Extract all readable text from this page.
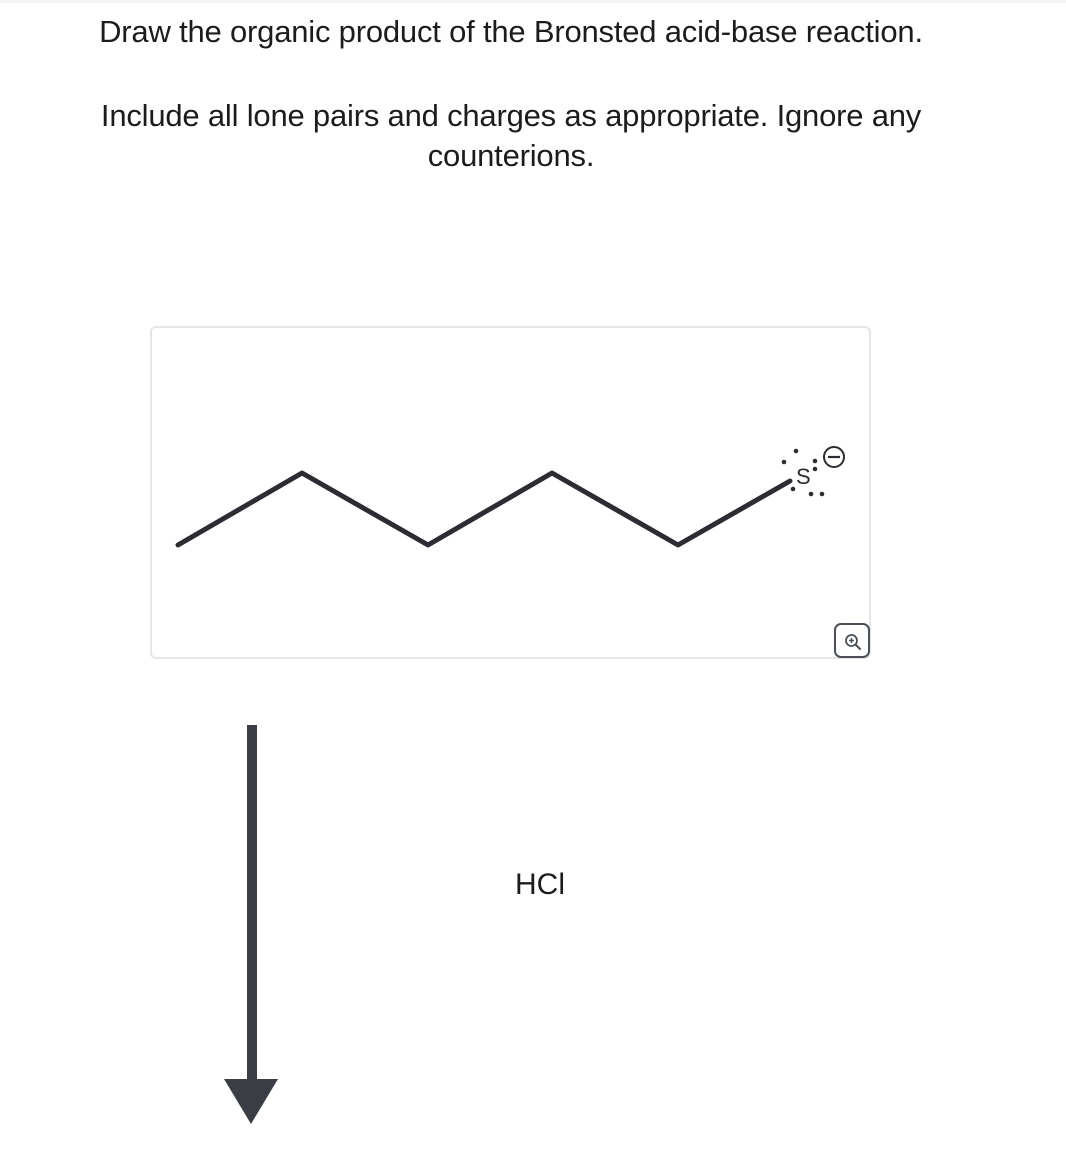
Draw the organic product of the Bronsted acid-base reaction.
Include all lone pairs and charges as appropriate. Ignore any
counterions.
S
HCl
